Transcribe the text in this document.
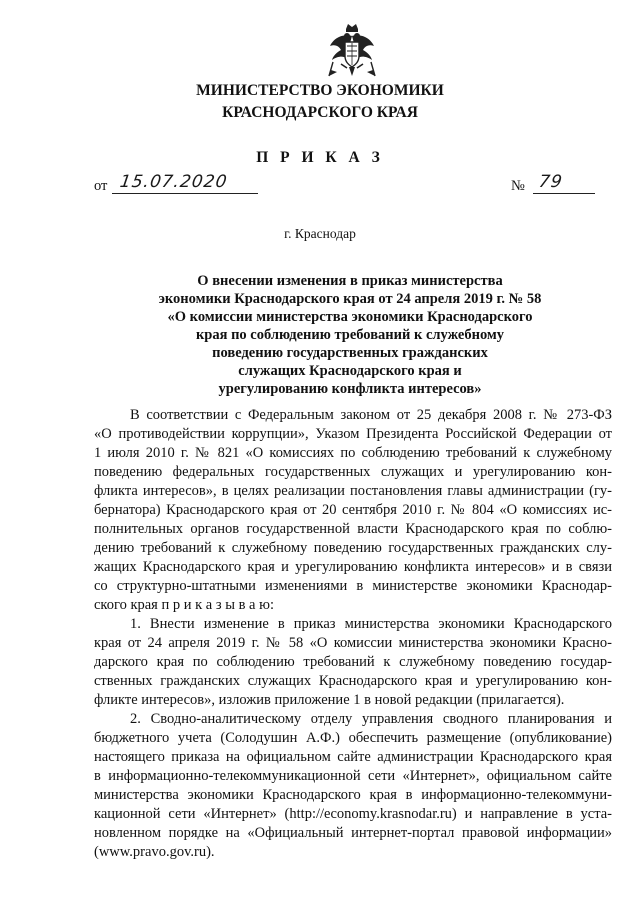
МИНИСТЕРСТВО ЭКОНОМИКИ
КРАСНОДАРСКОГО КРАЯ
П Р И К А З
от 15.07.2020	№ 79
г. Краснодар
О внесении изменения в приказ министерства
экономики Краснодарского края от 24 апреля 2019 г. № 58
«О комиссии министерства экономики Краснодарского
края по соблюдению требований к служебному
поведению государственных гражданских
служащих Краснодарского края и
урегулированию конфликта интересов»
В соответствии с Федеральным законом от 25 декабря 2008 г. № 273-ФЗ
«О противодействии коррупции», Указом Президента Российской Федерации от
1 июля 2010 г. № 821 «О комиссиях по соблюдению требований к служебному
поведению федеральных государственных служащих и урегулированию кон-
фликта интересов», в целях реализации постановления главы администрации (гу-
бернатора) Краснодарского края от 20 сентября 2010 г. № 804 «О комиссиях ис-
полнительных органов государственной власти Краснодарского края по соблю-
дению требований к служебному поведению государственных гражданских слу-
жащих Краснодарского края и урегулированию конфликта интересов» и в связи
со структурно-штатными изменениями в министерстве экономики Краснодар-
ского края п р и к а з ы в а ю:
1. Внести изменение в приказ министерства экономики Краснодарского
края от 24 апреля 2019 г. № 58 «О комиссии министерства экономики Красно-
дарского края по соблюдению требований к служебному поведению государ-
ственных гражданских служащих Краснодарского края и урегулированию кон-
фликте интересов», изложив приложение 1 в новой редакции (прилагается).
2. Сводно-аналитическому отделу управления сводного планирования и
бюджетного учета (Солодушин А.Ф.) обеспечить размещение (опубликование)
настоящего приказа на официальном сайте администрации Краснодарского края
в информационно-телекоммуникационной сети «Интернет», официальном сайте
министерства экономики Краснодарского края в информационно-телекоммуни-
кационной сети «Интернет» (http://economy.krasnodar.ru) и направление в уста-
новленном порядке на «Официальный интернет-портал правовой информации»
(www.pravo.gov.ru).
